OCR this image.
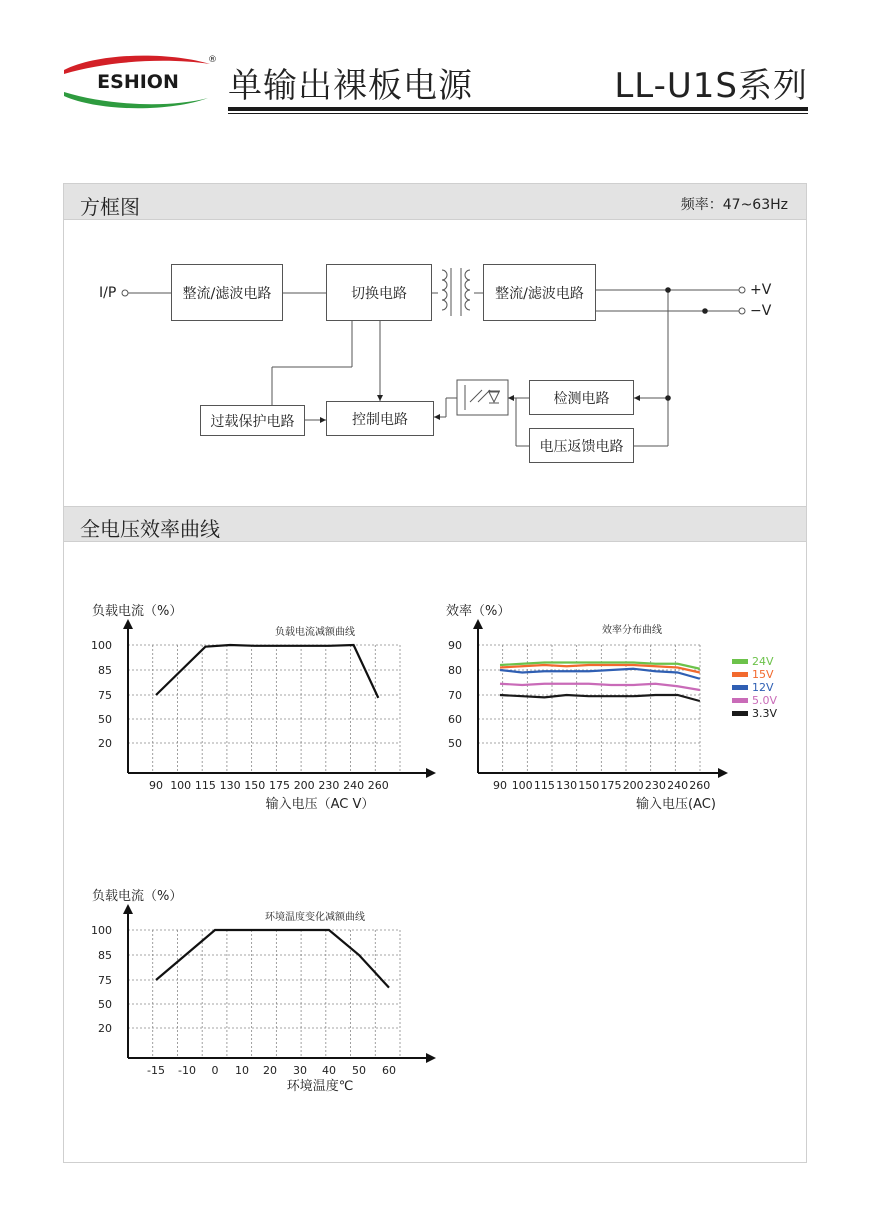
ESHION
®
单输出裸板电源	LL-U1S系列
方框图	频率：47~63Hz
I/P	+V
−V
整流/滤波电路	切换电路	整流/滤波电路
检测电路
过载保护电路	控制电路
电压返馈电路
全电压效率曲线
100
85
75
50
20
90 100 115 130 150 175 200 230 240 260
负载电流（%）
输入电压（AC V）
负载电流减额曲线
90
80
70
60
50
90 100 115 130 150 175 200 230 240 260
效率（%）
输入电压(AC)
效率分布曲线
24V
15V
12V
5.0V
3.3V
100
85
75
50
20
-15 -10 0 10 20 30 40 50 60
负载电流（%）
环境温度℃
环境温度变化减额曲线
